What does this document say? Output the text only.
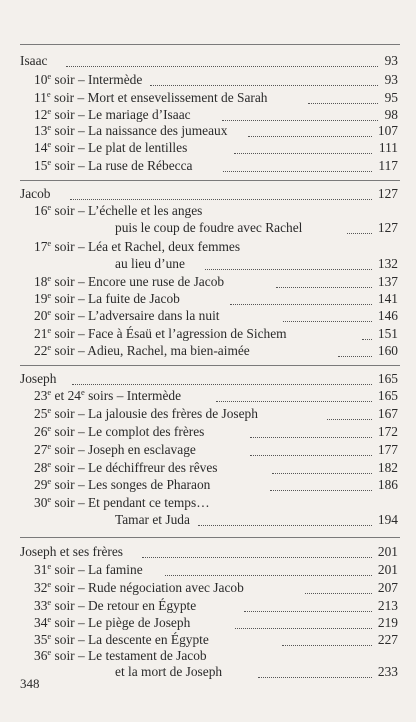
Isaac	93
10e soir – Intermède	93
11e soir – Mort et ensevelissement de Sarah	95
12e soir – Le mariage d’Isaac	98
13e soir – La naissance des jumeaux	107
14e soir – Le plat de lentilles	111
15e soir – La ruse de Rébecca	117
Jacob	127
16e soir – L’échelle et les anges
puis le coup de foudre avec Rachel	127
17e soir – Léa et Rachel, deux femmes
au lieu d’une	132
18e soir – Encore une ruse de Jacob	137
19e soir – La fuite de Jacob	141
20e soir – L’adversaire dans la nuit	146
21e soir – Face à Ésaü et l’agression de Sichem	151
22e soir – Adieu, Rachel, ma bien-aimée	160
Joseph	165
23e et 24e soirs – Intermède	165
25e soir – La jalousie des frères de Joseph	167
26e soir – Le complot des frères	172
27e soir – Joseph en esclavage	177
28e soir – Le déchiffreur des rêves	182
29e soir – Les songes de Pharaon	186
30e soir – Et pendant ce temps…
Tamar et Juda	194
Joseph et ses frères	201
31e soir – La famine	201
32e soir – Rude négociation avec Jacob	207
33e soir – De retour en Égypte	213
34e soir – Le piège de Joseph	219
35e soir – La descente en Égypte	227
36e soir – Le testament de Jacob
et la mort de Joseph	233
348
